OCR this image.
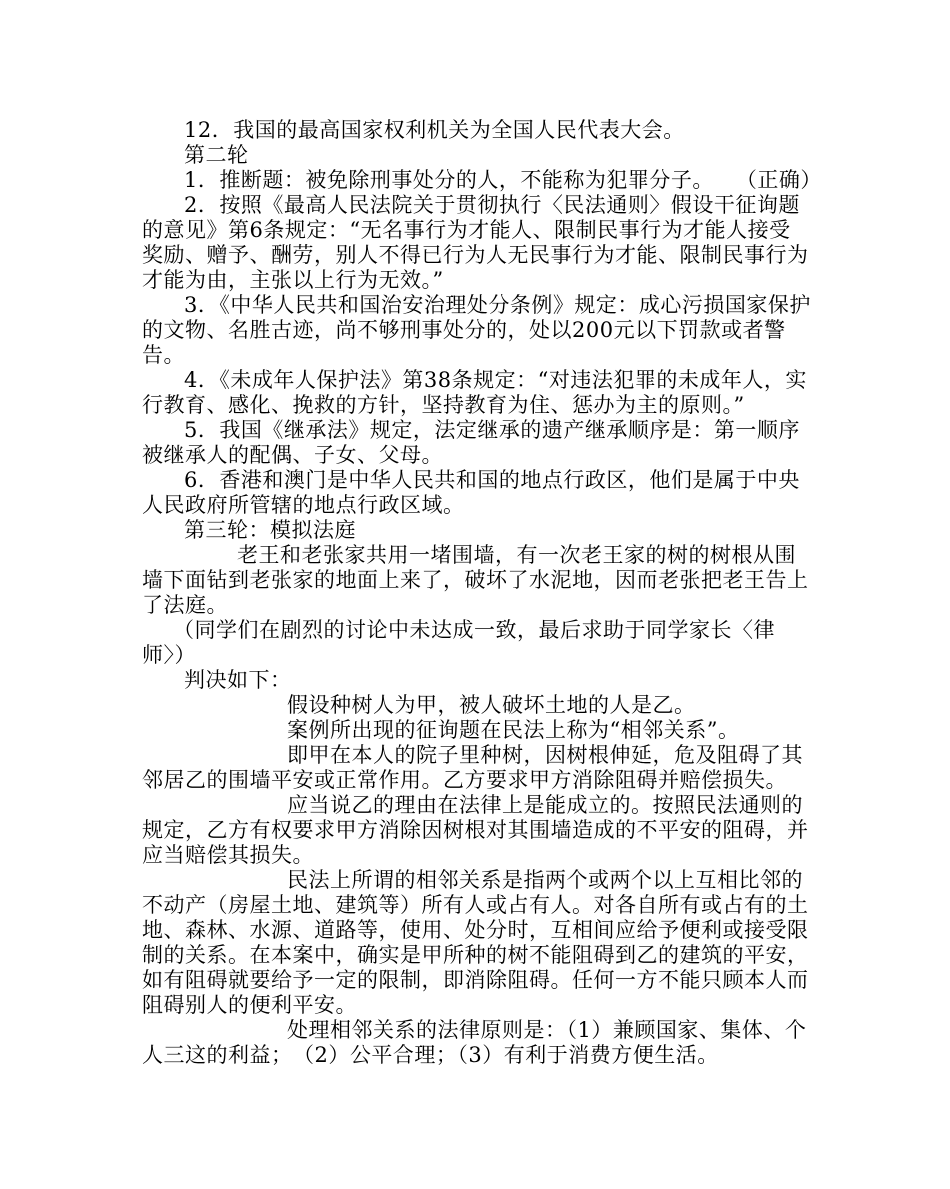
12．我国的最高国家权利机关为全国人民代表大会。

第二轮

1．推断题：被免除刑事处分的人，不能称为犯罪分子。　　（正确）

2．按照《最高人民法院关于贯彻执行〈民法通则〉假设干征询题的意见》第6条规定：“无名事行为才能人、限制民事行为才能人接受奖励、赠予、酬劳，别人不得已行为人无民事行为才能、限制民事行为才能为由，主张以上行为无效。”

3．《中华人民共和国治安治理处分条例》规定：成心污损国家保护的文物、名胜古迹，尚不够刑事处分的，处以200元以下罚款或者警告。

4．《未成年人保护法》第38条规定：“对违法犯罪的未成年人，实行教育、感化、挽救的方针，坚持教育为住、惩办为主的原则。”

5．我国《继承法》规定，法定继承的遗产继承顺序是：第一顺序被继承人的配偶、子女、父母。

6．香港和澳门是中华人民共和国的地点行政区，他们是属于中央人民政府所管辖的地点行政区域。

第三轮：模拟法庭

老王和老张家共用一堵围墙，有一次老王家的树的树根从围墙下面钻到老张家的地面上来了，破坏了水泥地，因而老张把老王告上了法庭。

（同学们在剧烈的讨论中未达成一致，最后求助于同学家长〈律师〉）

判决如下：

假设种树人为甲，被人破坏土地的人是乙。

案例所出现的征询题在民法上称为“相邻关系”。

即甲在本人的院子里种树，因树根伸延，危及阻碍了其邻居乙的围墙平安或正常作用。乙方要求甲方消除阻碍并赔偿损失。

应当说乙的理由在法律上是能成立的。按照民法通则的规定，乙方有权要求甲方消除因树根对其围墙造成的不平安的阻碍，并应当赔偿其损失。

民法上所谓的相邻关系是指两个或两个以上互相比邻的不动产（房屋土地、建筑等）所有人或占有人。对各自所有或占有的土地、森林、水源、道路等，使用、处分时，互相间应给予便利或接受限制的关系。在本案中，确实是甲所种的树不能阻碍到乙的建筑的平安，如有阻碍就要给予一定的限制，即消除阻碍。任何一方不能只顾本人而阻碍别人的便利平安。

处理相邻关系的法律原则是：（1）兼顾国家、集体、个人三这的利益；　（2）公平合理；（3）有利于消费方便生活。
